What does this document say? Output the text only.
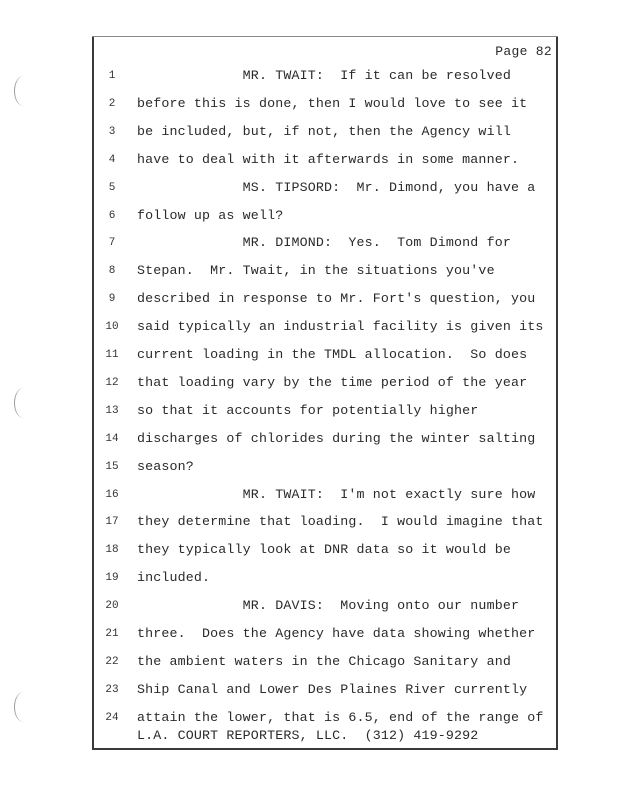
Page 82
1	MR. TWAIT:  If it can be resolved
2	before this is done, then I would love to see it
3	be included, but, if not, then the Agency will
4	have to deal with it afterwards in some manner.
5	MS. TIPSORD:  Mr. Dimond, you have a
6	follow up as well?
7	MR. DIMOND:  Yes.  Tom Dimond for
8	Stepan.  Mr. Twait, in the situations you've
9	described in response to Mr. Fort's question, you
10	said typically an industrial facility is given its
11	current loading in the TMDL allocation.  So does
12	that loading vary by the time period of the year
13	so that it accounts for potentially higher
14	discharges of chlorides during the winter salting
15	season?
16	MR. TWAIT:  I'm not exactly sure how
17	they determine that loading.  I would imagine that
18	they typically look at DNR data so it would be
19	included.
20	MR. DAVIS:  Moving onto our number
21	three.  Does the Agency have data showing whether
22	the ambient waters in the Chicago Sanitary and
23	Ship Canal and Lower Des Plaines River currently
24	attain the lower, that is 6.5, end of the range of
L.A. COURT REPORTERS, LLC.  (312) 419-9292
